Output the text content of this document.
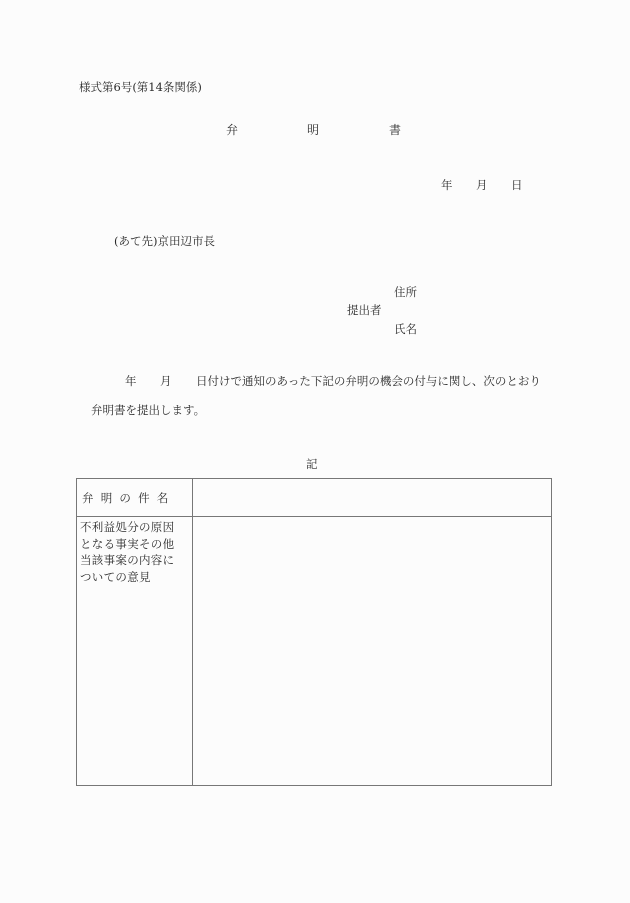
様式第6号(第14条関係)
弁	明	書
年 月 日
(あて先)京田辺市長
住所
提出者
氏名
年 月 日付けで通知のあった下記の弁明の機会の付与に関し、次のとおり
弁明書を提出します。
記
弁明の件名	

不利益処分の原因
となる事実その他
当該事案の内容に
ついての意見	
